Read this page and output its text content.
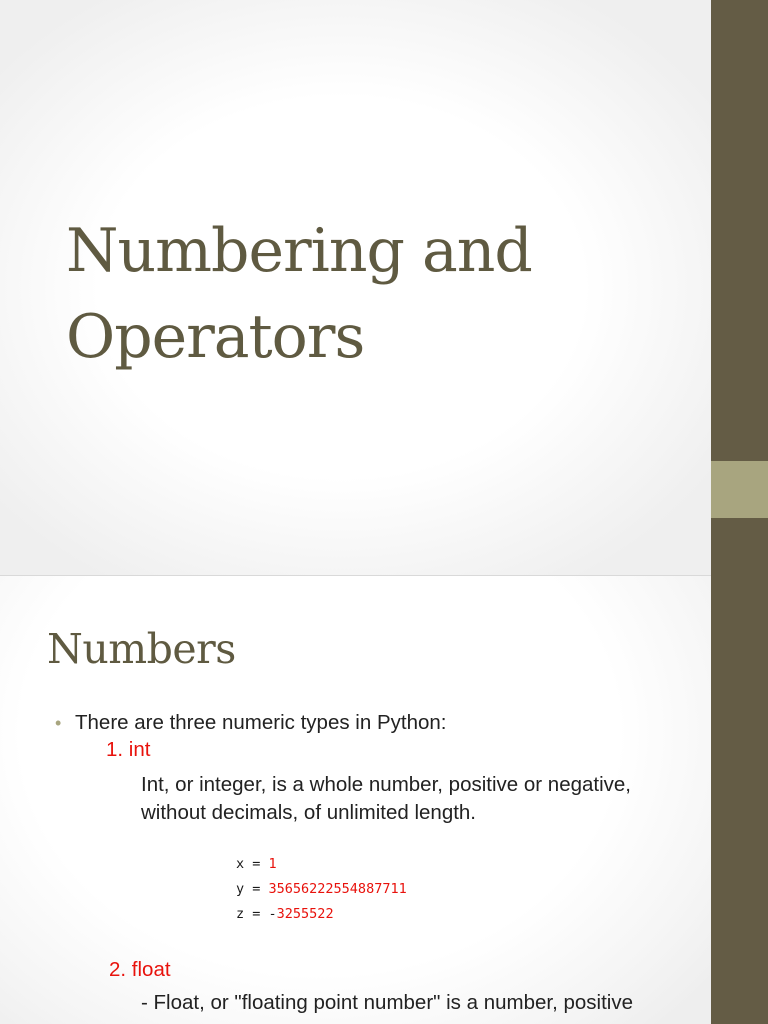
Numbering and
Operators
Numbers
• There are three numeric types in Python:
1. int
Int, or integer, is a whole number, positive or negative,
without decimals, of unlimited length.
x = 1
y = 35656222554887711
z = -3255522
2. float
- Float, or "floating point number" is a number, positive
